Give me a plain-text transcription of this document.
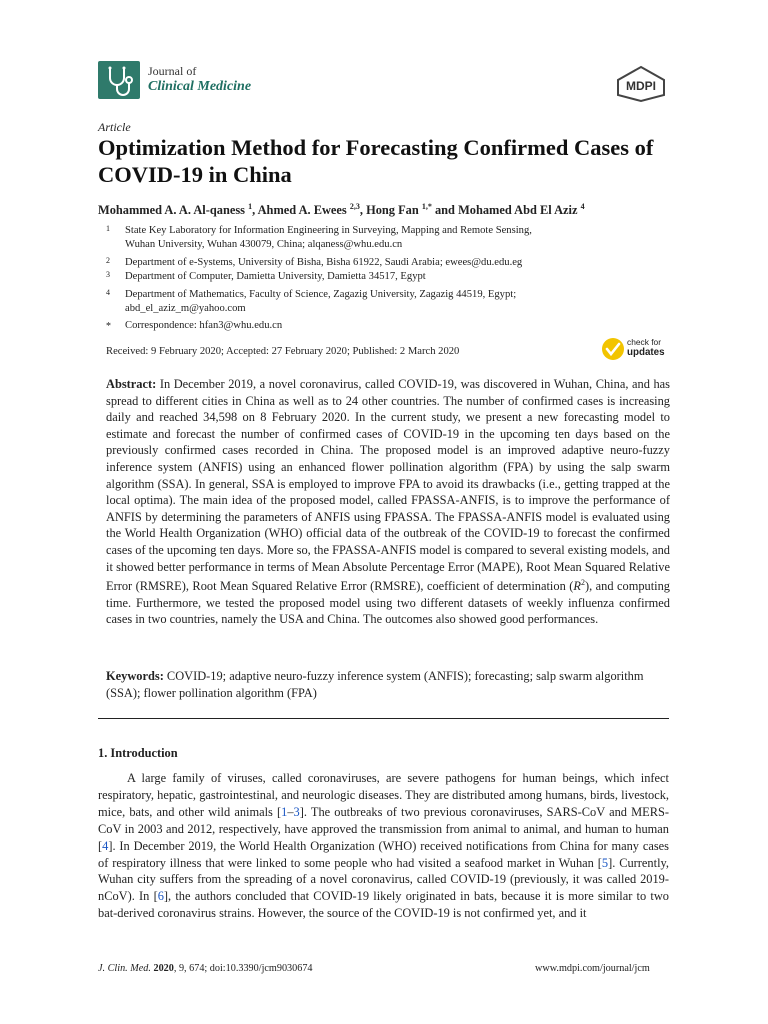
Journal of
Clinical Medicine	MDPI
Article
Optimization Method for Forecasting Confirmed Cases of COVID-19 in China
Mohammed A. A. Al-qaness $^1$, Ahmed A. Ewees $^{2,3}$, Hong Fan $^{1,*}$ and Mohamed Abd El Aziz $^4$
1 State Key Laboratory for Information Engineering in Surveying, Mapping and Remote Sensing,
Wuhan University, Wuhan 430079, China; alqaness@whu.edu.cn
2 Department of e-Systems, University of Bisha, Bisha 61922, Saudi Arabia; ewees@du.edu.eg
3 Department of Computer, Damietta University, Damietta 34517, Egypt
4 Department of Mathematics, Faculty of Science, Zagazig University, Zagazig 44519, Egypt;
abd_el_aziz_m@yahoo.com
* Correspondence: hfan3@whu.edu.cn
Received: 9 February 2020; Accepted: 27 February 2020; Published: 2 March 2020
check for
updates
Abstract: In December 2019, a novel coronavirus, called COVID-19, was discovered in Wuhan, China, and has spread to different cities in China as well as to 24 other countries. The number of confirmed cases is increasing daily and reached 34,598 on 8 February 2020. In the current study, we present a new forecasting model to estimate and forecast the number of confirmed cases of COVID-19 in the upcoming ten days based on the previously confirmed cases recorded in China. The proposed model is an improved adaptive neuro-fuzzy inference system (ANFIS) using an enhanced flower pollination algorithm (FPA) by using the salp swarm algorithm (SSA). In general, SSA is employed to improve FPA to avoid its drawbacks (i.e., getting trapped at the local optima). The main idea of the proposed model, called FPASSA-ANFIS, is to improve the performance of ANFIS by determining the parameters of ANFIS using FPASSA. The FPASSA-ANFIS model is evaluated using the World Health Organization (WHO) official data of the outbreak of the COVID-19 to forecast the confirmed cases of the upcoming ten days. More so, the FPASSA-ANFIS model is compared to several existing models, and it showed better performance in terms of Mean Absolute Percentage Error (MAPE), Root Mean Squared Relative Error (RMSRE), Root Mean Squared Relative Error (RMSRE), coefficient of determination $(R^2)$, and computing time. Furthermore, we tested the proposed model using two different datasets of weekly influenza confirmed cases in two countries, namely the USA and China. The outcomes also showed good performances.
Keywords: COVID-19; adaptive neuro-fuzzy inference system (ANFIS); forecasting; salp swarm algorithm (SSA); flower pollination algorithm (FPA)
1. Introduction
A large family of viruses, called coronaviruses, are severe pathogens for human beings, which infect respiratory, hepatic, gastrointestinal, and neurologic diseases. They are distributed among humans, birds, livestock, mice, bats, and other wild animals [1–3]. The outbreaks of two previous coronaviruses, SARS-CoV and MERS-CoV in 2003 and 2012, respectively, have approved the transmission from animal to animal, and human to human [4]. In December 2019, the World Health Organization (WHO) received notifications from China for many cases of respiratory illness that were linked to some people who had visited a seafood market in Wuhan [5]. Currently, Wuhan city suffers from the spreading of a novel coronavirus, called COVID-19 (previously, it was called 2019-nCoV). In [6], the authors concluded that COVID-19 likely originated in bats, because it is more similar to two bat-derived coronavirus strains. However, the source of the COVID-19 is not confirmed yet, and it
J. Clin. Med. 2020, 9, 674; doi:10.3390/jcm9030674	www.mdpi.com/journal/jcm
